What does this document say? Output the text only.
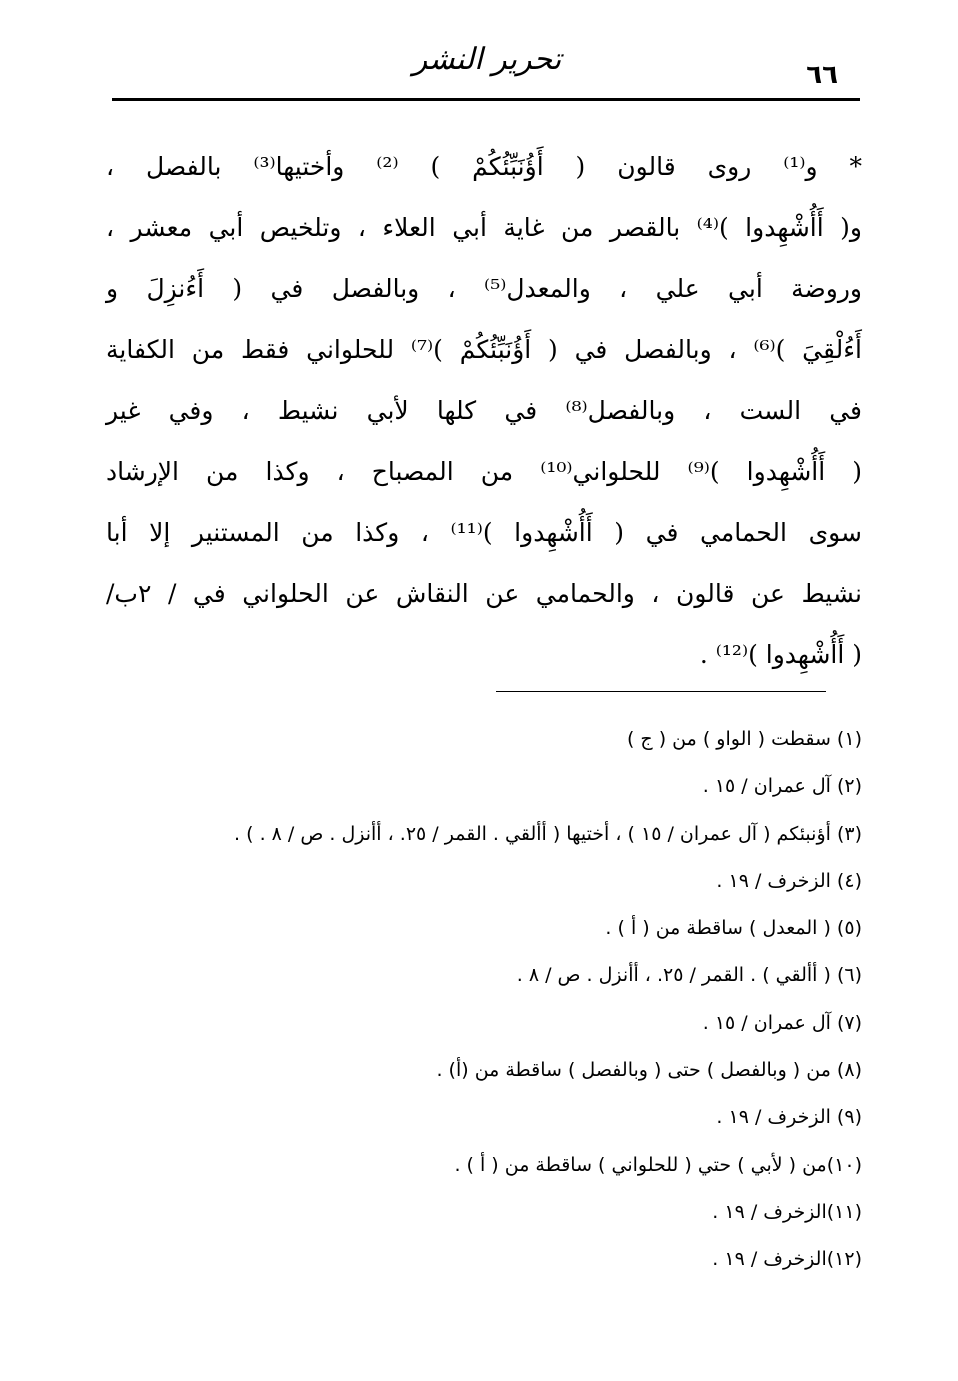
تحرير النشر	٦٦
* و⁽¹⁾ روى قالون ( أَؤُنَبِّئُكُمْ ) ⁽²⁾ وأختيها⁽³⁾ بالفصل ،
و( أَأُشْهِدوا )⁽⁴⁾ بالقصر من غاية أبي العلاء ، وتلخيص أبي معشر ،
وروضة أبي علي ، والمعدل⁽⁵⁾ ، وبالفصل في ( أَءُنزِلَ و
أَءُلْقِيَ )⁽⁶⁾ ، وبالفصل في ( أَؤُنَبِّئُكُمْ )⁽⁷⁾ للحلواني فقط من الكفاية
في الست ، وبالفصل⁽⁸⁾ في كلها لأبي نشيط ، وفي غير
( أَأُشْهِدوا )⁽⁹⁾ للحلواني⁽¹⁰⁾ من المصباح ، وكذا من الإرشاد
سوى الحمامي في ( أَأُشْهِدوا )⁽¹¹⁾ ، وكذا من المستنير إلا أبا
نشيط عن قالون ، والحمامي عن النقاش عن الحلواني في / ٢ب/
( أَأُشْهِدوا )⁽¹²⁾ .
(١) سقطت ( الواو ) من ( ج )
(٢) آل عمران / ١٥ .
(٣) أؤنبئكم ( آل عمران / ١٥ ) ، أختيها ( أألقي . القمر / ٢٥. ، أأنزل . ص / ٨ . ) .
(٤) الزخرف / ١٩ .
(٥) ( المعدل ) ساقطة من ( أ ) .
(٦) ( أألقي ) . القمر / ٢٥. ، أأنزل . ص / ٨ .
(٧) آل عمران / ١٥ .
(٨) من ( وبالفصل ) حتى ( وبالفصل ) ساقطة من (أ) .
(٩) الزخرف / ١٩ .
(١٠)من ( لأبي ) حتي ( للحلواني ) ساقطة من ( أ ) .
(١١)الزخرف / ١٩ .
(١٢)الزخرف / ١٩ .
